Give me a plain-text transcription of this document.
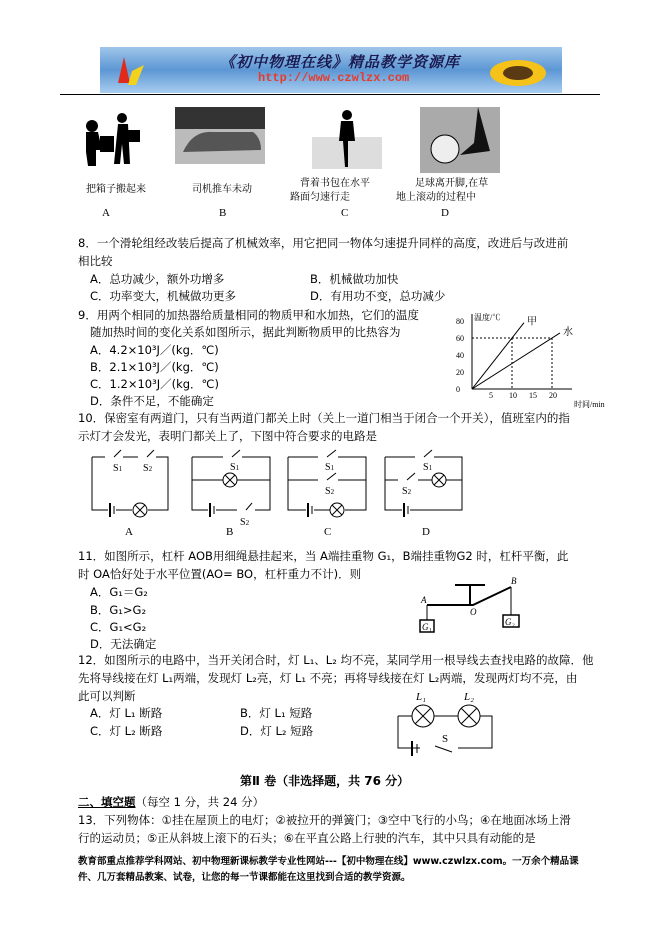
《初中物理在线》精品教学资源库
http://www.czwlzx.com
把箱子搬起来	司机推车未动
背着书包在水平
路面匀速行走
足球离开脚,在草
地上滚动的过程中
A	B	C	D
8．一个滑轮组经改装后提高了机械效率，用它把同一物体匀速提升同样的高度，改进后与改进前
相比较
A．总功减少，额外功增多	B．机械做功加快
C．功率变大，机械做功更多	D．有用功不变，总功减少
9．用两个相同的加热器给质量相同的物质甲和水加热，它们的温度
随加热时间的变化关系如图所示，据此判断物质甲的比热容为
A．4.2×10³J／(kg．℃)
B．2.1×10³J／(kg．℃)
C．1.2×10³J／(kg．℃)
D．条件不足，不能确定
温度/℃
时间/min
0
20
40
60
80
5 10 15 20
甲
水
10．保密室有两道门，只有当两道门都关上时（关上一道门相当于闭合一个开关），值班室内的指
示灯才会发光，表明门都关上了，下图中符合要求的电路是
S1 S2	S1
S2
S1
S2
S1
S2
A	B	C	D
11．如图所示，杠杆 AOB用细绳悬挂起来，当 A端挂重物 G₁，B端挂重物G2 时，杠杆平衡，此
时 OA恰好处于水平位置(AO= BO，杠杆重力不计)．则
A．G₁＝G₂
B．G₁>G₂
C．G₁<G₂
D．无法确定
A
B
O
G₁	G₂
12．如图所示的电路中，当开关闭合时，灯 L₁、L₂ 均不亮，某同学用一根导线去查找电路的故障．他
先将导线接在灯 L₁两端，发现灯 L₂亮，灯 L₁ 不亮；再将导线接在灯 L₂两端，发现两灯均不亮，由
此可以判断
A．灯 L₁ 断路	B．灯 L₁ 短路
C．灯 L₂ 断路	D．灯 L₂ 短路
L₁	L₂
S
第Ⅱ 卷（非选择题，共 76 分）
二、填空题（每空 1 分，共 24 分）
13．下列物体：①挂在屋顶上的电灯；②被拉开的弹簧门；③空中飞行的小鸟；④在地面冰场上滑
行的运动员；⑤正从斜坡上滚下的石头；⑥在平直公路上行驶的汽车，其中只具有动能的是
教育部重点推荐学科网站、初中物理新课标教学专业性网站---【初中物理在线】www.czwlzx.com。一万余个精品课
件、几万套精品教案、试卷，让您的每一节课都能在这里找到合适的教学资源。
